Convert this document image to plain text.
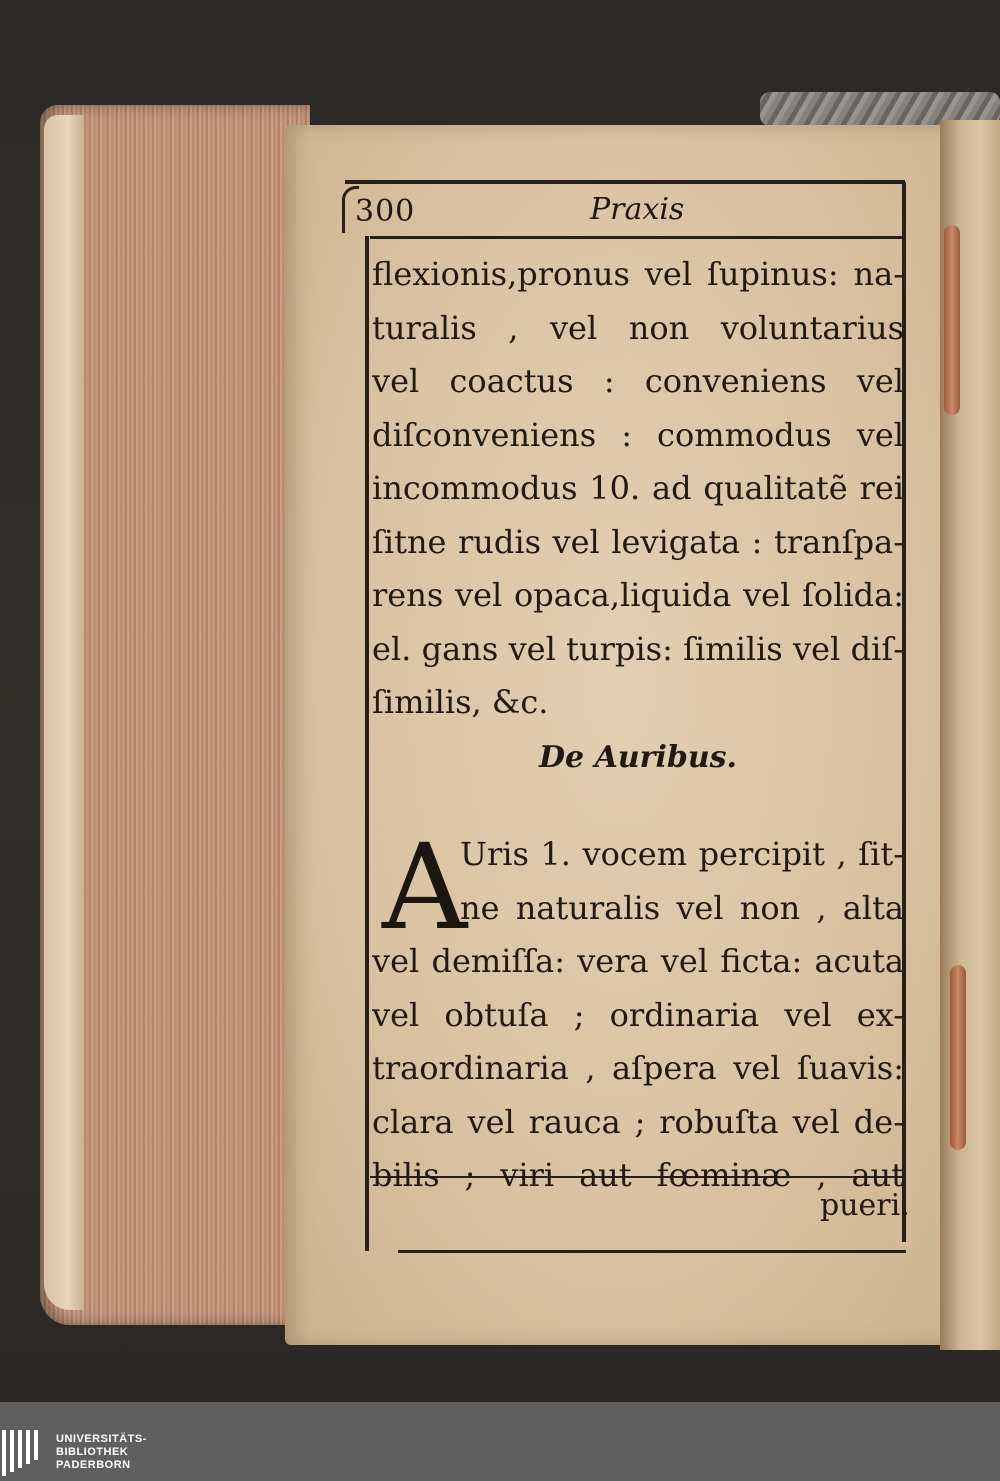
300	Praxis
flexionis,pronus vel ſupinus: na-
turalis , vel non voluntarius
vel coactus : conveniens vel
diſconveniens : commodus vel
incommodus 10. ad qualitatẽ rei
ſitne rudis vel levigata : tranſpa-
rens vel opaca,liquida vel ſolida:
el. gans vel turpis: ſimilis vel diſ-
ſimilis, &c.
De Auribus.
A
Uris 1. vocem percipit , ſit-
ne naturalis vel non , alta
vel demiſſa: vera vel ficta: acuta
vel obtuſa ; ordinaria vel ex-
traordinaria , aſpera vel ſuavis:
clara vel rauca ; robuſta vel de-
bilis ; viri aut fœminæ , aut
pueri.
UNIVERSITÄTS-
BIBLIOTHEK
PADERBORN
